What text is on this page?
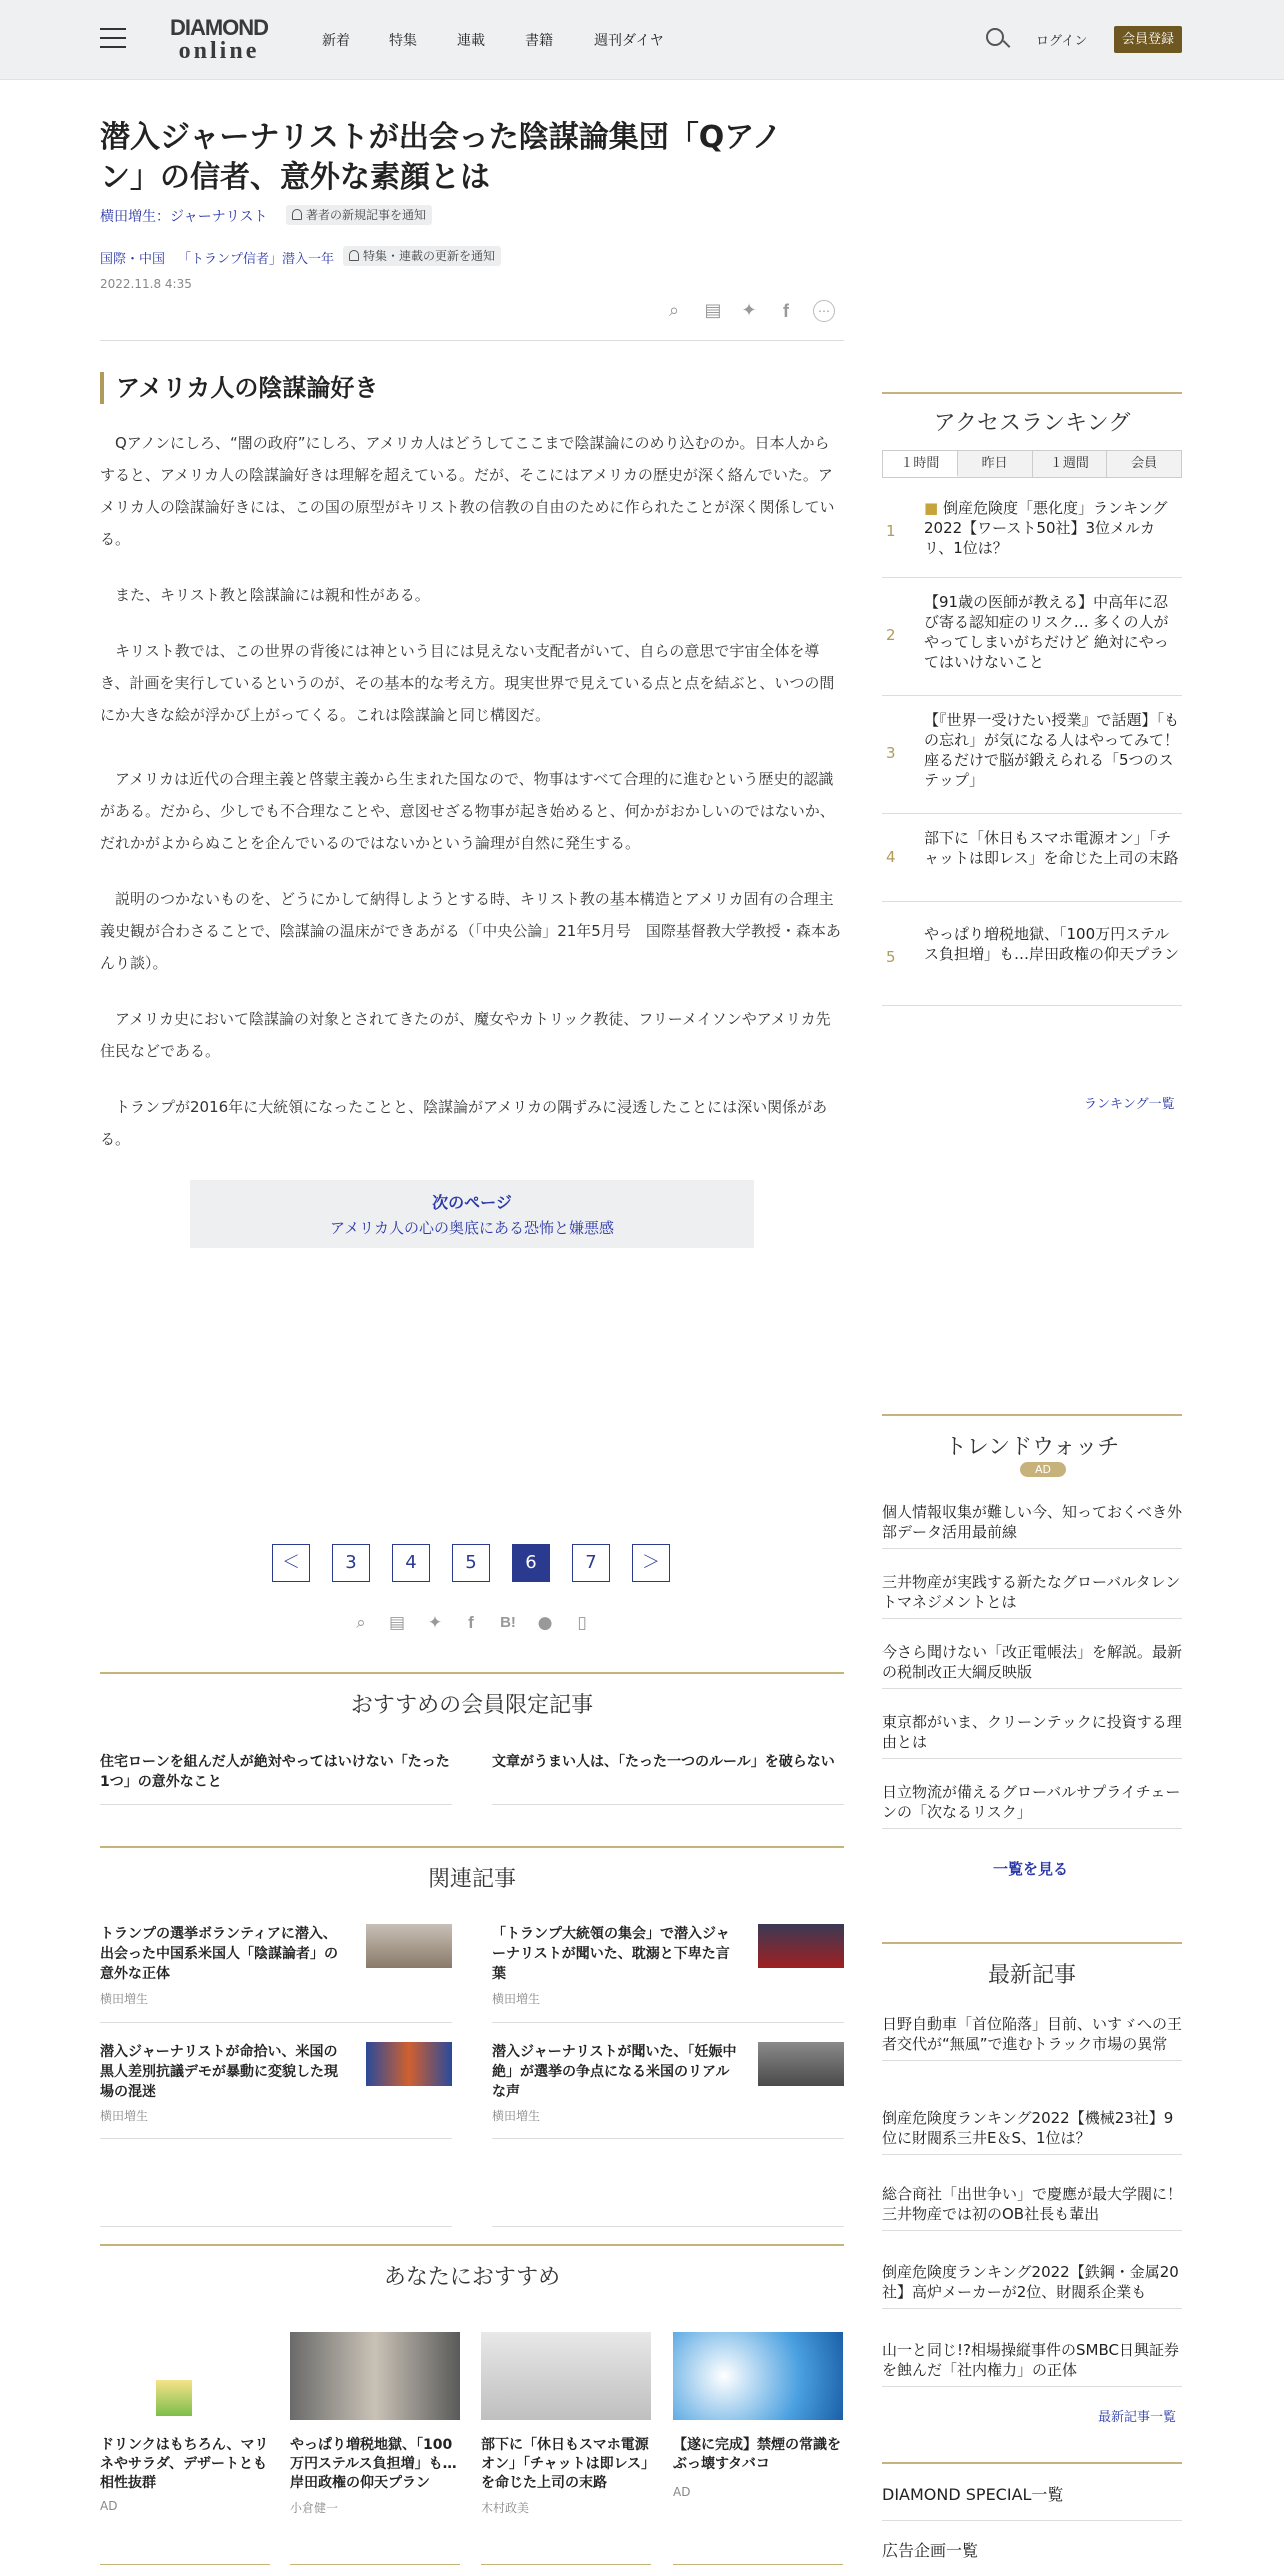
DIAMOND
online	新着	特集	連載	書籍	週刊ダイヤ	ログイン	会員登録
潜入ジャーナリストが出会った陰謀論集団「Qアノン」の信者、意外な素顔とは
横田増生：ジャーナリスト	著者の新規記事を通知
国際・中国 「トランプ信者」潜入一年	特集・連載の更新を通知
2022.11.8 4:35
⌕	▤ ✦	f	⋯
アメリカ人の陰謀論好き

Qアノンにしろ、“闇の政府”にしろ、アメリカ人はどうしてここまで陰謀論にのめり込むのか。日本人からすると、アメリカ人の陰謀論好きは理解を超えている。だが、そこにはアメリカの歴史が深く絡んでいた。アメリカ人の陰謀論好きには、この国の原型がキリスト教の信教の自由のために作られたことが深く関係している。

また、キリスト教と陰謀論には親和性がある。

キリスト教では、この世界の背後には神という目には見えない支配者がいて、自らの意思で宇宙全体を導き、計画を実行しているというのが、その基本的な考え方。現実世界で見えている点と点を結ぶと、いつの間にか大きな絵が浮かび上がってくる。これは陰謀論と同じ構図だ。

アメリカは近代の合理主義と啓蒙主義から生まれた国なので、物事はすべて合理的に進むという歴史的認識がある。だから、少しでも不合理なことや、意図せざる物事が起き始めると、何かがおかしいのではないか、だれかがよからぬことを企んでいるのではないかという論理が自然に発生する。

説明のつかないものを、どうにかして納得しようとする時、キリスト教の基本構造とアメリカ固有の合理主義史観が合わさることで、陰謀論の温床ができあがる（「中央公論」21年5月号　国際基督教大学教授・森本あんり談）。

アメリカ史において陰謀論の対象とされてきたのが、魔女やカトリック教徒、フリーメイソンやアメリカ先住民などである。

トランプが2016年に大統領になったことと、陰謀論がアメリカの隅ずみに浸透したことには深い関係がある。

次のページ
アメリカ人の心の奥底にある恐怖と嫌悪感
＜	3	4	5	6	7	＞
⌕	▤ ✦	f	B! ●	▯
おすすめの会員限定記事
住宅ローンを組んだ人が絶対やってはいけない「たった1つ」の意外なこと
文章がうまい人は、「たった一つのルール」を破らない
関連記事
トランプの選挙ボランティアに潜入、出会った中国系米国人「陰謀論者」の意外な正体
横田増生
「トランプ大統領の集会」で潜入ジャーナリストが聞いた、耽溺と下卑た言葉
横田増生
潜入ジャーナリストが命拾い、米国の黒人差別抗議デモが暴動に変貌した現場の混迷
横田増生
潜入ジャーナリストが聞いた、「妊娠中絶」が選挙の争点になる米国のリアルな声
横田増生
あなたにおすすめ
ドリンクはもちろん、マリネやサラダ、デザートとも相性抜群
AD
やっぱり増税地獄、「100万円ステルス負担増」も…岸田政権の仰天プラン
小倉健一
部下に「休日もスマホ電源オン」「チャットは即レス」を命じた上司の末路
木村政美
【遂に完成】禁煙の常識をぶっ壊すタバコ
AD
アクセスランキング
１時間	昨日	１週間	会員
1
■ 倒産危険度「悪化度」ランキング2022【ワースト50社】3位メルカリ、1位は？
2
【91歳の医師が教える】中高年に忍び寄る認知症のリスク… 多くの人がやってしまいがちだけど 絶対にやってはいけないこと
3
【『世界一受けたい授業』で話題】「もの忘れ」が気になる人はやってみて！ 座るだけで脳が鍛えられる「5つのステップ」
4
部下に「休日もスマホ電源オン」「チャットは即レス」を命じた上司の末路
5
やっぱり増税地獄、「100万円ステルス負担増」も…岸田政権の仰天プラン
ランキング一覧
トレンドウォッチ
AD
個人情報収集が難しい今、知っておくべき外部データ活用最前線
三井物産が実践する新たなグローバルタレントマネジメントとは
今さら聞けない「改正電帳法」を解説。最新の税制改正大綱反映版
東京都がいま、クリーンテックに投資する理由とは
日立物流が備えるグローバルサプライチェーンの「次なるリスク」
一覧を見る
最新記事
日野自動車「首位陥落」目前、いすゞへの王者交代が“無風”で進むトラック市場の異常
倒産危険度ランキング2022【機械23社】9位に財閥系三井E＆S、1位は？
総合商社「出世争い」で慶應が最大学閥に！三井物産では初のOB社長も輩出
倒産危険度ランキング2022【鉄鋼・金属20社】高炉メーカーが2位、財閥系企業も
山一と同じ!?相場操縦事件のSMBC日興証券を蝕んだ「社内権力」の正体
最新記事一覧
DIAMOND SPECIAL一覧
広告企画一覧
